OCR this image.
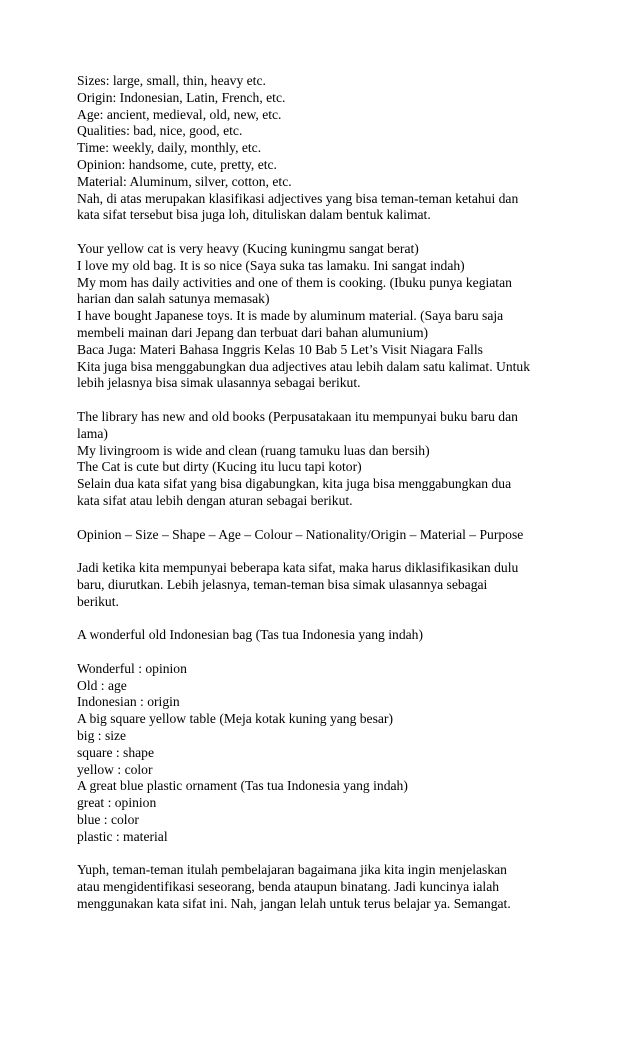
Sizes: large, small, thin, heavy etc.
Origin: Indonesian, Latin, French, etc.
Age: ancient, medieval, old, new, etc.
Qualities: bad, nice, good, etc.
Time: weekly, daily, monthly, etc.
Opinion: handsome, cute, pretty, etc.
Material: Aluminum, silver, cotton, etc.
Nah, di atas merupakan klasifikasi adjectives yang bisa teman-teman ketahui dan
kata sifat tersebut bisa juga loh, dituliskan dalam bentuk kalimat.
Your yellow cat is very heavy (Kucing kuningmu sangat berat)
I love my old bag. It is so nice (Saya suka tas lamaku. Ini sangat indah)
My mom has daily activities and one of them is cooking. (Ibuku punya kegiatan
harian dan salah satunya memasak)
I have bought Japanese toys. It is made by aluminum material. (Saya baru saja
membeli mainan dari Jepang dan terbuat dari bahan alumunium)
Baca Juga: Materi Bahasa Inggris Kelas 10 Bab 5 Let’s Visit Niagara Falls
Kita juga bisa menggabungkan dua adjectives atau lebih dalam satu kalimat. Untuk
lebih jelasnya bisa simak ulasannya sebagai berikut.
The library has new and old books (Perpusatakaan itu mempunyai buku baru dan
lama)
My livingroom is wide and clean (ruang tamuku luas dan bersih)
The Cat is cute but dirty (Kucing itu lucu tapi kotor)
Selain dua kata sifat yang bisa digabungkan, kita juga bisa menggabungkan dua
kata sifat atau lebih dengan aturan sebagai berikut.
Opinion – Size – Shape – Age – Colour – Nationality/Origin – Material – Purpose
Jadi ketika kita mempunyai beberapa kata sifat, maka harus diklasifikasikan dulu
baru, diurutkan. Lebih jelasnya, teman-teman bisa simak ulasannya sebagai
berikut.
A wonderful old Indonesian bag (Tas tua Indonesia yang indah)
Wonderful : opinion
Old : age
Indonesian : origin
A big square yellow table (Meja kotak kuning yang besar)
big : size
square : shape
yellow : color
A great blue plastic ornament (Tas tua Indonesia yang indah)
great : opinion
blue : color
plastic : material
Yuph, teman-teman itulah pembelajaran bagaimana jika kita ingin menjelaskan
atau mengidentifikasi seseorang, benda ataupun binatang. Jadi kuncinya ialah
menggunakan kata sifat ini. Nah, jangan lelah untuk terus belajar ya. Semangat.
